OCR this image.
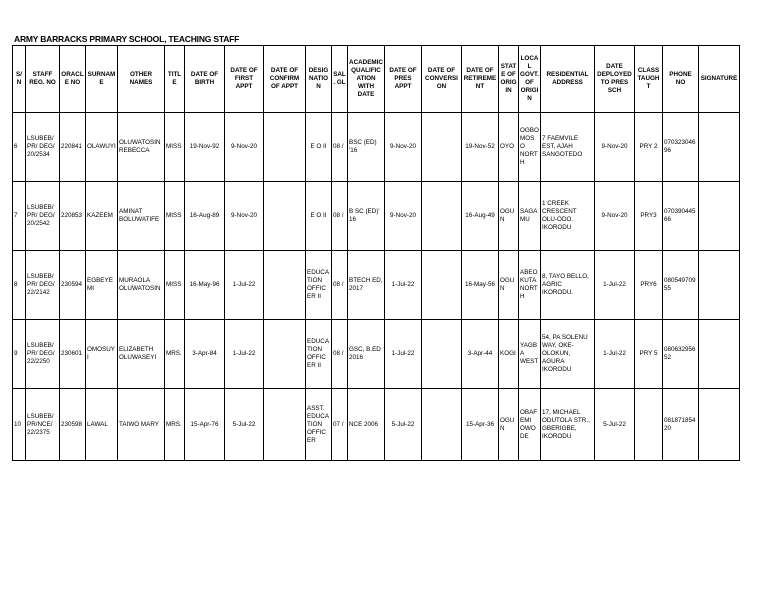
ARMY BARRACKS PRIMARY SCHOOL, TEACHING STAFF
S/N	STAFF REG. NO	ORACLE NO	SURNAME	OTHER NAMES	TITLE	DATE OF BIRTH	DATE OF FIRST APPT	DATE OF CONFIRM OF APPT	DESIGNATION	SAL. GL	ACADEMIC QUALIFICATION WITH DATE	DATE OF PRES APPT	DATE OF CONVERSION	DATE OF RETIREMENT	STATE OF ORIGIN	LOCAL GOVT. OF ORIGIN	RESIDENTIAL ADDRESS	DATE DEPLOYED TO PRES SCH	CLASS TAUGHT	PHONE NO	SIGNATURE
6	LSUBEB/ PR/ DEG/ 20/2534	220841	OLAWUYI	OLUWATOSIN REBECCA	MISS	19-Nov-92	9-Nov-20		E O II	08 /	BSC (ED) '16	9-Nov-20		19-Nov-52	OYO	OGBOMOSO NORTH	7 FAEMVILE EST, AJAH SANGOTEDO	9-Nov-20	PRY 2	07032304696	
7	LSUBEB/ PR/ DEG/ 20/2542	220853	KAZEEM	AMINAT BOLUWATIFE	MISS	16-Aug-89	9-Nov-20		E O II	08 /	B SC (ED)' 16	9-Nov-20		16-Aug-49	OGUN	SAGAMU	1 CREEK CRESCENT OLU-ODO. IKORODU	9-Nov-20	PRY3	07039044566	
8	LSUBEB/ PR/ DEG/ 22/2142	230594	EGBEYEMI	MURAOLA OLUWATOSIN	MISS	16-May-96	1-Jul-22		EDUCATION OFFICER II	08 /	BTECH ED, 2017	1-Jul-22		16-May-56	OGUN	ABEOKUTA NORTH	8, TAYO BELLO, AGRIC IKORODU.	1-Jul-22	PRY6	08054970955	
9	LSUBEB/ PR/ DEG/ 22/2250	230601	OMOSUYI	ELIZABETH OLUWASEYI	MRS.	3-Apr-84	1-Jul-22		EDUCATION OFFICER II	08 /	GSC, B.ED 2016	1-Jul-22		3-Apr-44	KOGI	YAGBA WEST	54, PA SOLENU WAY, OKE-OLOKUN, AGURA IKORODU	1-Jul-22	PRY 5	08063295652	
10	LSUBEB/ PR/NCE/ 22/2375	230598	LAWAL	TAIWO MARY	MRS.	15-Apr-76	5-Jul-22		ASST. EDUCATION OFFICER	07 /	NCE 2006	5-Jul-22		15-Apr-36	OGUN	OBAFEMI OWODE	17, MICHAEL ODUTOLA STR., GBERIGBE, IKORODU	5-Jul-22		08187185420	
